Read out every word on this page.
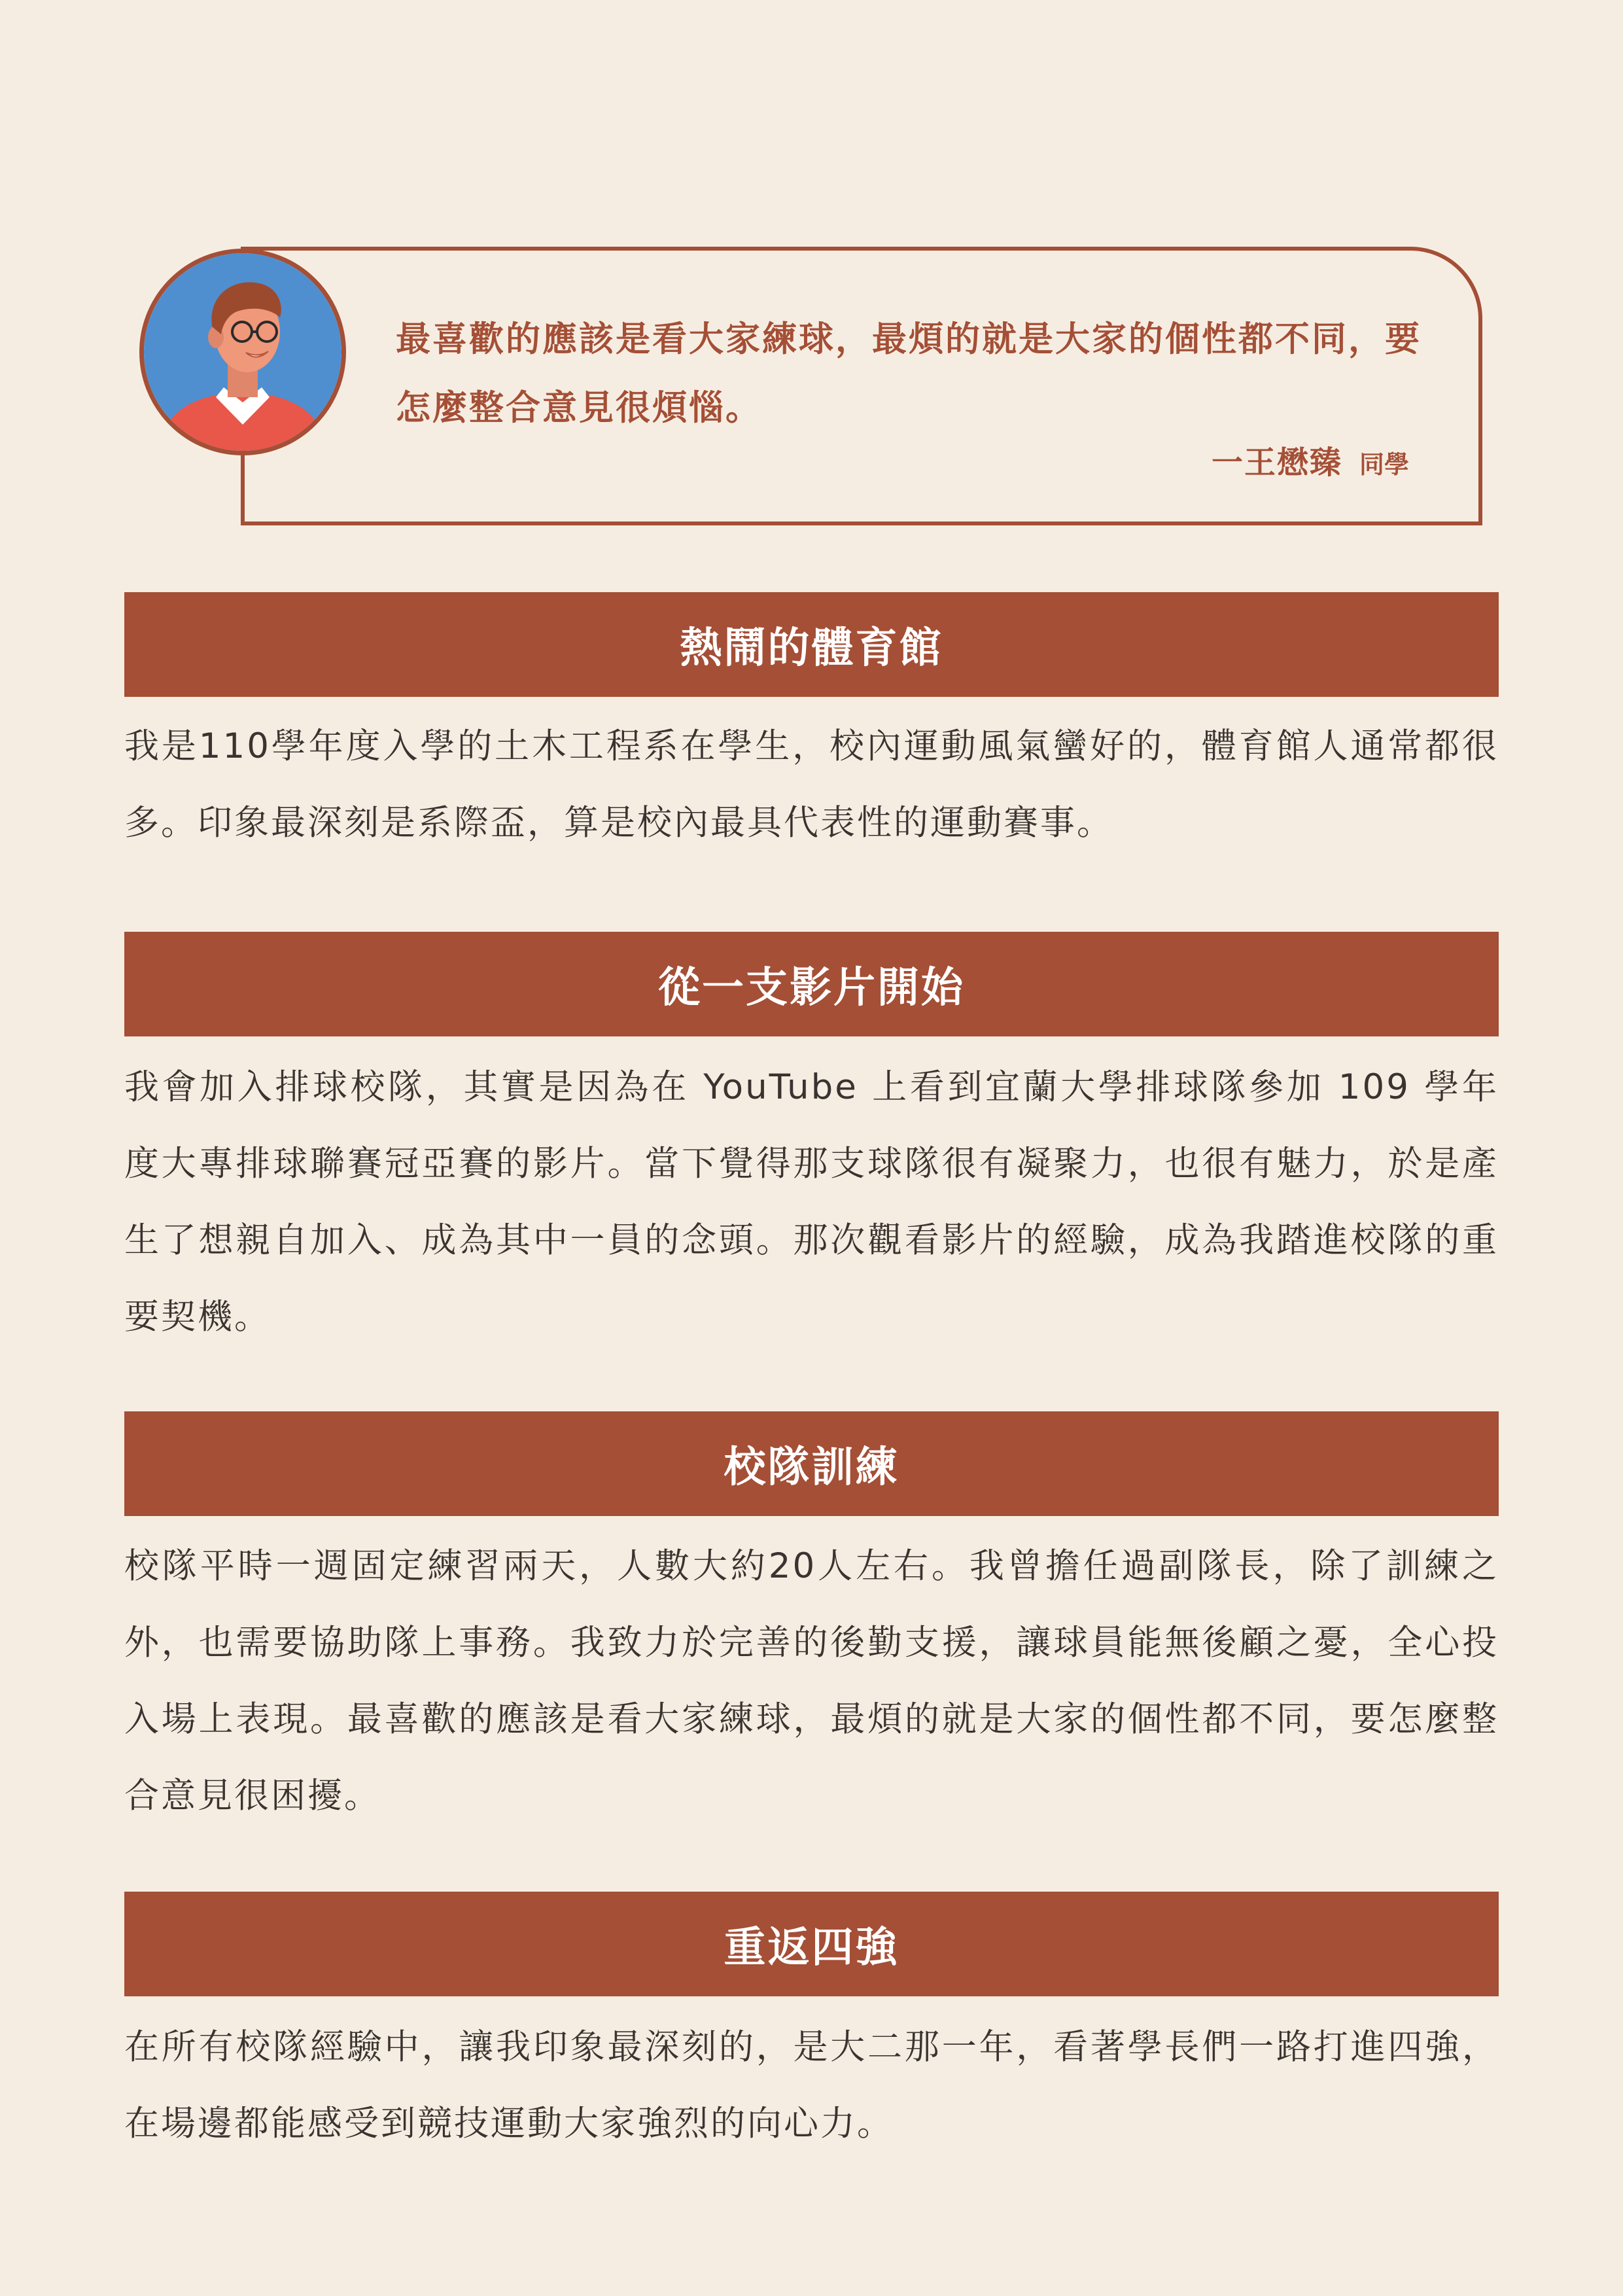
最喜歡的應該是看大家練球，最煩的就是大家的個性都不同，要怎麼整合意見很煩惱。
一王懋臻 同學
熱鬧的體育館
我是110學年度入學的土木工程系在學生，校內運動風氣蠻好的，體育館人通常都很多。印象最深刻是系際盃，算是校內最具代表性的運動賽事。
從一支影片開始
我會加入排球校隊，其實是因為在 YouTube 上看到宜蘭大學排球隊參加 109 學年度大專排球聯賽冠亞賽的影片。當下覺得那支球隊很有凝聚力，也很有魅力，於是產生了想親自加入、成為其中一員的念頭。那次觀看影片的經驗，成為我踏進校隊的重要契機。
校隊訓練
校隊平時一週固定練習兩天，人數大約20人左右。我曾擔任過副隊長，除了訓練之外，也需要協助隊上事務。我致力於完善的後勤支援，讓球員能無後顧之憂，全心投入場上表現。最喜歡的應該是看大家練球，最煩的就是大家的個性都不同，要怎麼整合意見很困擾。
重返四強
在所有校隊經驗中，讓我印象最深刻的，是大二那一年，看著學長們一路打進四強，在場邊都能感受到競技運動大家強烈的向心力。
